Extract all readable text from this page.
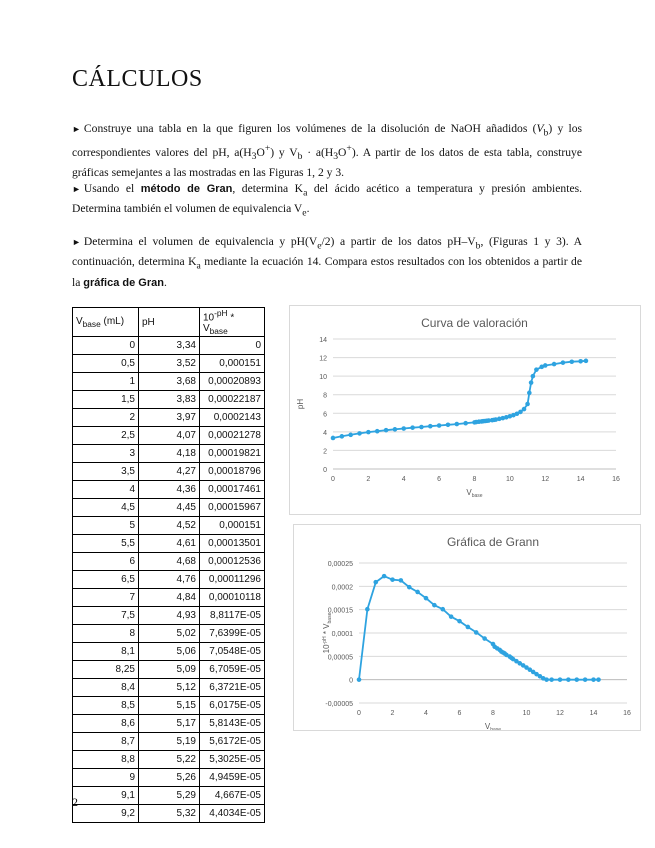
CÁLCULOS
► Construye una tabla en la que figuren los volúmenes de la disolución de NaOH añadidos $(V_b)$ y los correspondientes valores del pH, $a(H_3O^+)$ y $V_b \cdot a(H_3O^+)$. A partir de los datos de esta tabla, construye gráficas semejantes a las mostradas en las Figuras 1, 2 y 3.
► Usando el método de Gran, determina $K_a$ del ácido acético a temperatura y presión ambientes. Determina también el volumen de equivalencia $V_e$.
► Determina el volumen de equivalencia y $pH(V_e/2)$ a partir de los datos $pH-V_b$, (Figuras 1 y 3). A continuación, determina $K_a$ mediante la ecuación 14. Compara estos resultados con los obtenidos a partir de la gráfica de Gran.
$V_{base}$ (mL)	pH	$10^{-pH} * V_{base}$
0	3,34	0
0,5	3,52	0,000151
1	3,68	0,00020893
1,5	3,83	0,00022187
2	3,97	0,0002143
2,5	4,07	0,00021278
3	4,18	0,00019821
3,5	4,27	0,00018796
4	4,36	0,00017461
4,5	4,45	0,00015967
5	4,52	0,000151
5,5	4,61	0,00013501
6	4,68	0,00012536
6,5	4,76	0,00011296
7	4,84	0,00010118
7,5	4,93	8,8117E-05
8	5,02	7,6399E-05
8,1	5,06	7,0548E-05
8,25	5,09	6,7059E-05
8,4	5,12	6,3721E-05
8,5	5,15	6,0175E-05
8,6	5,17	5,8143E-05
8,7	5,19	5,6172E-05
8,8	5,22	5,3025E-05
9	5,26	4,9459E-05
9,1	5,29	4,667E-05
9,2	5,32	4,4034E-05
Curva de valoración
0
2
4
6
8
10
12
14
0	2	4	6	8	10	12	14	16
$V_{base}$
pH
Gráfica de Grann
-0,00005
0
0,00005
0,0001
0,00015
0,0002
0,00025
0	2	4	6	8	10	12	14	16
$V_{base}$
$10^{-pH} * V_{base}$
2
